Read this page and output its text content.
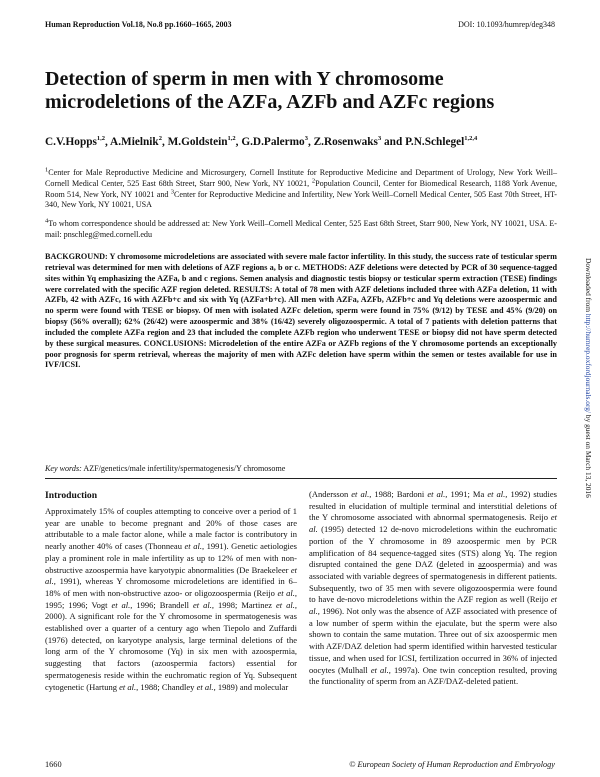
Human Reproduction Vol.18, No.8 pp.1660–1665, 2003	DOI: 10.1093/humrep/deg348
Detection of sperm in men with Y chromosome microdeletions of the AZFa, AZFb and AZFc regions
C.V.Hopps$^{1,2}$, A.Mielnik$^2$, M.Goldstein$^{1,2}$, G.D.Palermo$^3$, Z.Rosenwaks$^3$ and P.N.Schlegel$^{1,2,4}$
$^1$Center for Male Reproductive Medicine and Microsurgery, Cornell Institute for Reproductive Medicine and Department of Urology, New York Weill–Cornell Medical Center, 525 East 68th Street, Starr 900, New York, NY 10021, $^2$Population Council, Center for Biomedical Research, 1188 York Avenue, Room 514, New York, NY 10021 and $^3$Center for Reproductive Medicine and Infertility, New York Weill–Cornell Medical Center, 505 East 70th Street, HT-340, New York, NY 10021, USA
$^4$To whom correspondence should be addressed at: New York Weill–Cornell Medical Center, 525 East 68th Street, Starr 900, New York, NY 10021, USA. E-mail: pnschleg@med.cornell.edu
BACKGROUND: Y chromosome microdeletions are associated with severe male factor infertility. In this study, the success rate of testicular sperm retrieval was determined for men with deletions of AZF regions a, b or c. METHODS: AZF deletions were detected by PCR of 30 sequence-tagged sites within Yq emphasizing the AZFa, b and c regions. Semen analysis and diagnostic testis biopsy or testicular sperm extraction (TESE) findings were correlated with the specific AZF region deleted. RESULTS: A total of 78 men with AZF deletions included three with AZFa deletion, 11 with AZFb, 42 with AZFc, 16 with AZFb+c and six with Yq (AZFa+b+c). All men with AZFa, AZFb, AZFb+c and Yq deletions were azoospermic and no sperm were found with TESE or biopsy. Of men with isolated AZFc deletion, sperm were found in 75% (9/12) by TESE and 45% (9/20) on biopsy (56% overall); 62% (26/42) were azoospermic and 38% (16/42) severely oligozoospermic. A total of 7 patients with deletion patterns that included the complete AZFa region and 23 that included the complete AZFb region who underwent TESE or biopsy did not have sperm detected by these surgical measures. CONCLUSIONS: Microdeletion of the entire AZFa or AZFb regions of the Y chromosome portends an exceptionally poor prognosis for sperm retrieval, whereas the majority of men with AZFc deletion have sperm within the semen or testes available for use in IVF/ICSI.
Key words: AZF/genetics/male infertility/spermatogenesis/Y chromosome
Downloaded from http://humrep.oxfordjournals.org/ by guest on March 13, 2016
Introduction

Approximately 15% of couples attempting to conceive over a period of 1 year are unable to become pregnant and 20% of those cases are attributable to a male factor alone, while a male factor is contributory in nearly another 40% of cases (Thonneau et al., 1991). Genetic aetiologies play a prominent role in male infertility as up to 12% of men with non-obstructive azoospermia have karyotypic abnormalities (De Braekeleer et al., 1991), whereas Y chromosome microdeletions are identified in 6–18% of men with non-obstructive azoo- or oligozoospermia (Reijo et al., 1995; 1996; Vogt et al., 1996; Brandell et al., 1998; Martinez et al., 2000). A significant role for the Y chromosome in spermatogenesis was established over a quarter of a century ago when Tiepolo and Zuffardi (1976) detected, on karyotype analysis, large terminal deletions of the long arm of the Y chromosome (Yq) in six men with azoospermia, suggesting that factors (azoospermia factors) essential for spermatogenesis reside within the euchromatic region of Yq. Subsequent cytogenetic (Hartung et al., 1988; Chandley et al., 1989) and molecular

(Andersson et al., 1988; Bardoni et al., 1991; Ma et al., 1992) studies resulted in elucidation of multiple terminal and interstitial deletions of the Y chromosome associated with abnormal spermatogenesis. Reijo et al. (1995) detected 12 de-novo microdeletions within the euchromatic portion of the Y chromosome in 89 azoospermic men by PCR amplification of 84 sequence-tagged sites (STS) along Yq. The region disrupted contained the gene DAZ (deleted in azoospermia) and was associated with variable degrees of spermatogenesis in different patients. Subsequently, two of 35 men with severe oligozoospermia were found to have de-novo microdeletions within the AZF region as well (Reijo et al., 1996). Not only was the absence of AZF associated with presence of a low number of sperm within the ejaculate, but the sperm were also shown to contain the same mutation. Three out of six azoospermic men with AZF/DAZ deletion had sperm identified within harvested testicular tissue, and when used for ICSI, fertilization occurred in 36% of injected oocytes (Mulhall et al., 1997a). One twin conception resulted, proving the functionality of sperm from an AZF/DAZ-deleted patient.

1660	© European Society of Human Reproduction and Embryology
